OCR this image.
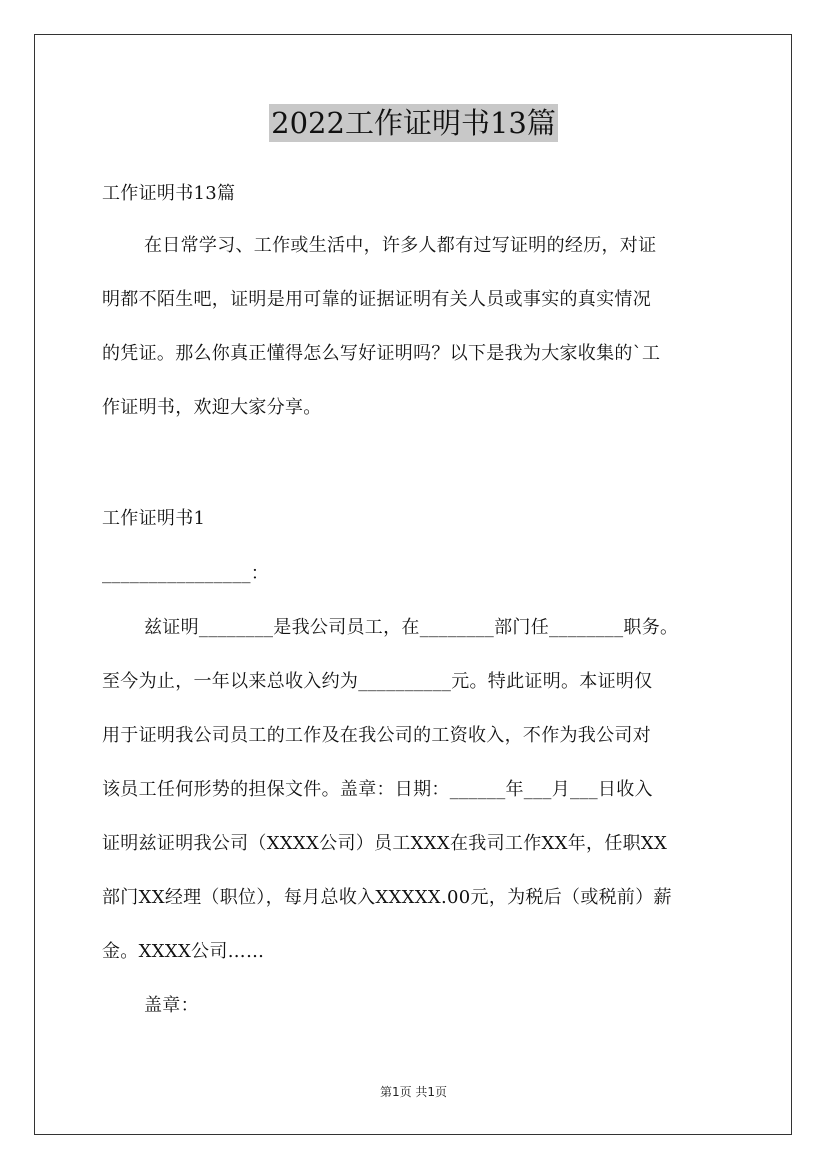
2022工作证明书13篇
工作证明书13篇
在日常学习、工作或生活中，许多人都有过写证明的经历，对证
明都不陌生吧，证明是用可靠的证据证明有关人员或事实的真实情况
的凭证。那么你真正懂得怎么写好证明吗？以下是我为大家收集的`工
作证明书，欢迎大家分享。
工作证明书1
________________：
兹证明________是我公司员工，在________部门任________职务。
至今为止，一年以来总收入约为__________元。特此证明。本证明仅
用于证明我公司员工的工作及在我公司的工资收入，不作为我公司对
该员工任何形势的担保文件。盖章：日期：______年___月___日收入
证明兹证明我公司（XXXX公司）员工XXX在我司工作XX年，任职XX
部门XX经理（职位），每月总收入XXXXX.00元，为税后（或税前）薪
金。XXXX公司……
盖章：
第1页 共1页
